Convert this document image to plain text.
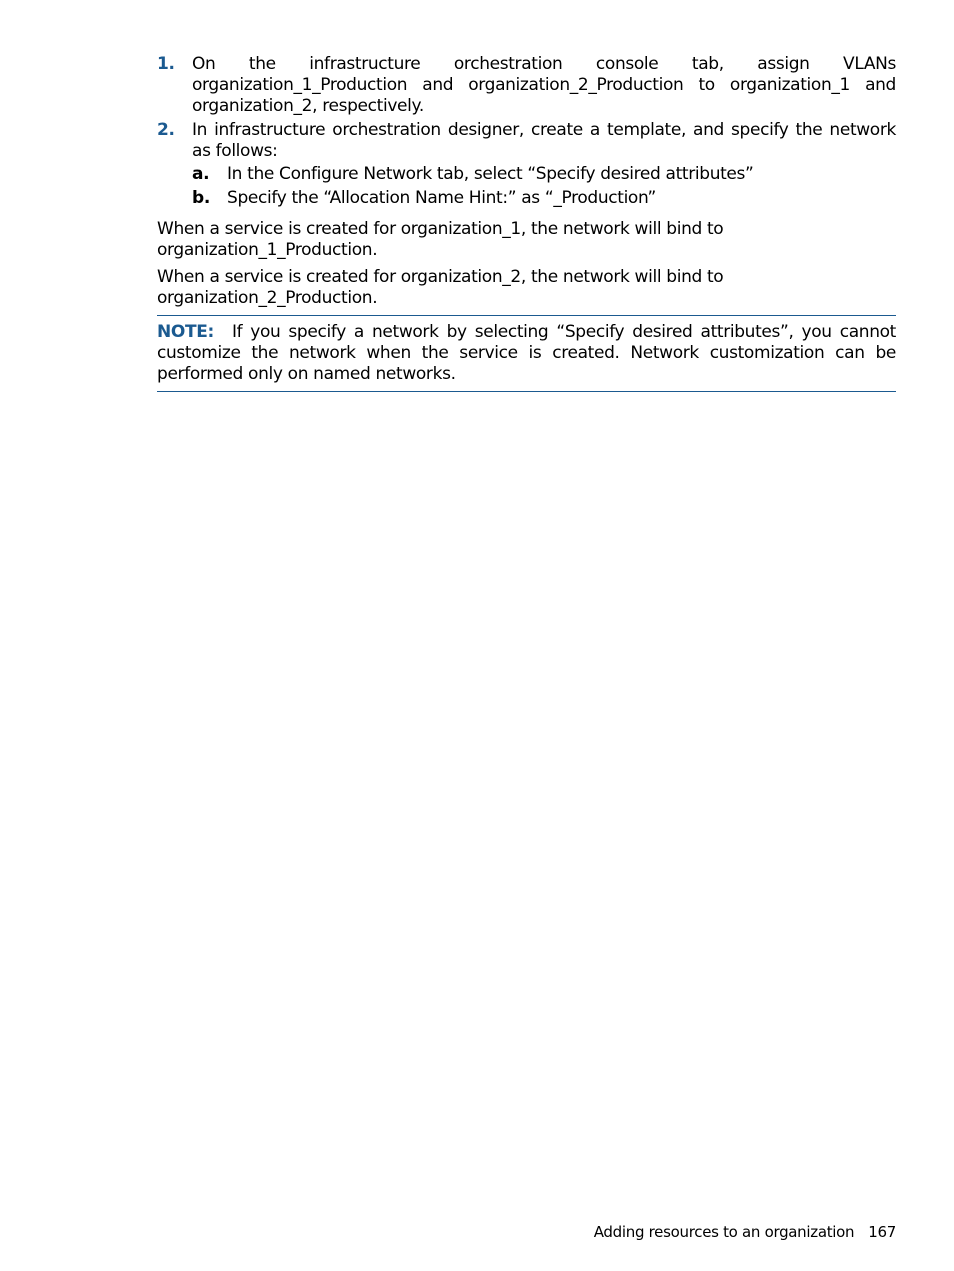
1. On the infrastructure orchestration console tab, assign VLANs organization_1_Production and organization_2_Production to organization_1 and organization_2, respectively.
2. In infrastructure orchestration designer, create a template, and specify the network as follows:
a. In the Configure Network tab, select “Specify desired attributes”
b. Specify the “Allocation Name Hint:” as “_Production”
When a service is created for organization_1, the network will bind to organization_1_Production.
When a service is created for organization_2, the network will bind to organization_2_Production.
NOTE: If you specify a network by selecting “Specify desired attributes”, you cannot customize the network when the service is created. Network customization can be performed only on named networks.
Adding resources to an organization 167
